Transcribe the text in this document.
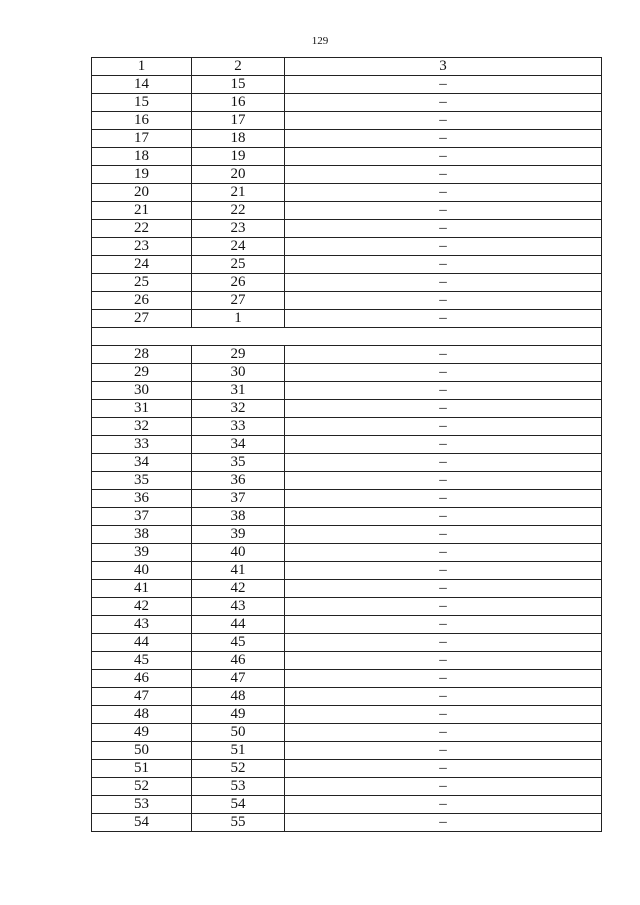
129
1	2	3
14	15	–
15	16	–
16	17	–
17	18	–
18	19	–
19	20	–
20	21	–
21	22	–
22	23	–
23	24	–
24	25	–
25	26	–
26	27	–
27	1	–

28	29	–
29	30	–
30	31	–
31	32	–
32	33	–
33	34	–
34	35	–
35	36	–
36	37	–
37	38	–
38	39	–
39	40	–
40	41	–
41	42	–
42	43	–
43	44	–
44	45	–
45	46	–
46	47	–
47	48	–
48	49	–
49	50	–
50	51	–
51	52	–
52	53	–
53	54	–
54	55	–
